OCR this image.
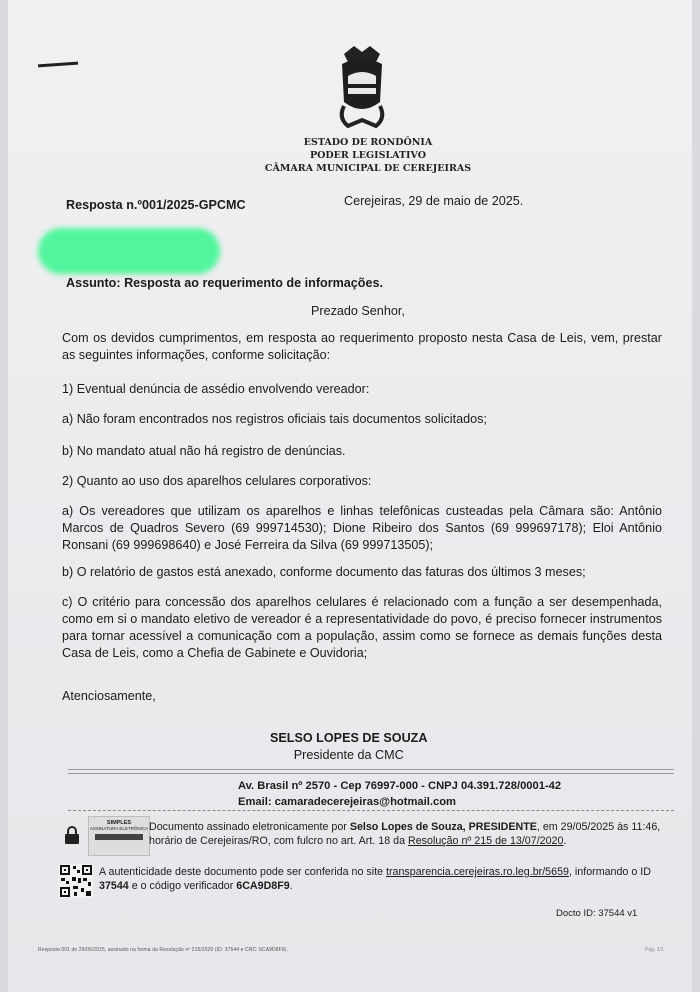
ESTADO DE RONDÔNIA
PODER LEGISLATIVO
CÂMARA MUNICIPAL DE CEREJEIRAS
Resposta n.º001/2025-GPCMC	Cerejeiras, 29 de maio de 2025.
Assunto: Resposta ao requerimento de informações.
Prezado Senhor,
Com os devidos cumprimentos, em resposta ao requerimento proposto nesta Casa de Leis, vem, prestar as seguintes informações, conforme solicitação:
1) Eventual denúncia de assédio envolvendo vereador:
a) Não foram encontrados nos registros oficiais tais documentos solicitados;
b) No mandato atual não há registro de denúncias.
2) Quanto ao uso dos aparelhos celulares corporativos:
a) Os vereadores que utilizam os aparelhos e linhas telefônicas custeadas pela Câmara são: Antônio Marcos de Quadros Severo (69 999714530); Dione Ribeiro dos Santos (69 999697178); Eloi Antônio Ronsani (69 999698640) e José Ferreira da Silva (69 999713505);
b) O relatório de gastos está anexado, conforme documento das faturas dos últimos 3 meses;
c) O critério para concessão dos aparelhos celulares é relacionado com a função a ser desempenhada, como em si o mandato eletivo de vereador é a representatividade do povo, é preciso fornecer instrumentos para tornar acessível a comunicação com a população, assim como se fornece as demais funções desta Casa de Leis, como a Chefia de Gabinete e Ouvidoria;
Atenciosamente,
SELSO LOPES DE SOUZA
Presidente da CMC
Av. Brasil nº 2570 - Cep 76997-000 - CNPJ 04.391.728/0001-42
Email: camaradecerejeiras@hotmail.com
SIMPLES
ASSINATURA ELETRÔNICA Documento assinado eletronicamente por Selso Lopes de Souza, PRESIDENTE, em 29/05/2025 às 11:46, horário de Cerejeiras/RO, com fulcro no art. Art. 18 da Resolução nº 215 de 13/07/2020.
A autenticidade deste documento pode ser conferida no site transparencia.cerejeiras.ro.leg.br/5659, informando o ID 37544 e o código verificador 6CA9D8F9.
Docto ID: 37544 v1
Resposta 001 de 29/05/2025, assinado na forma da Resolução nº 215/2020 (ID: 37544 e CRC: 6CA9D8F9).	Pág. 1/1
